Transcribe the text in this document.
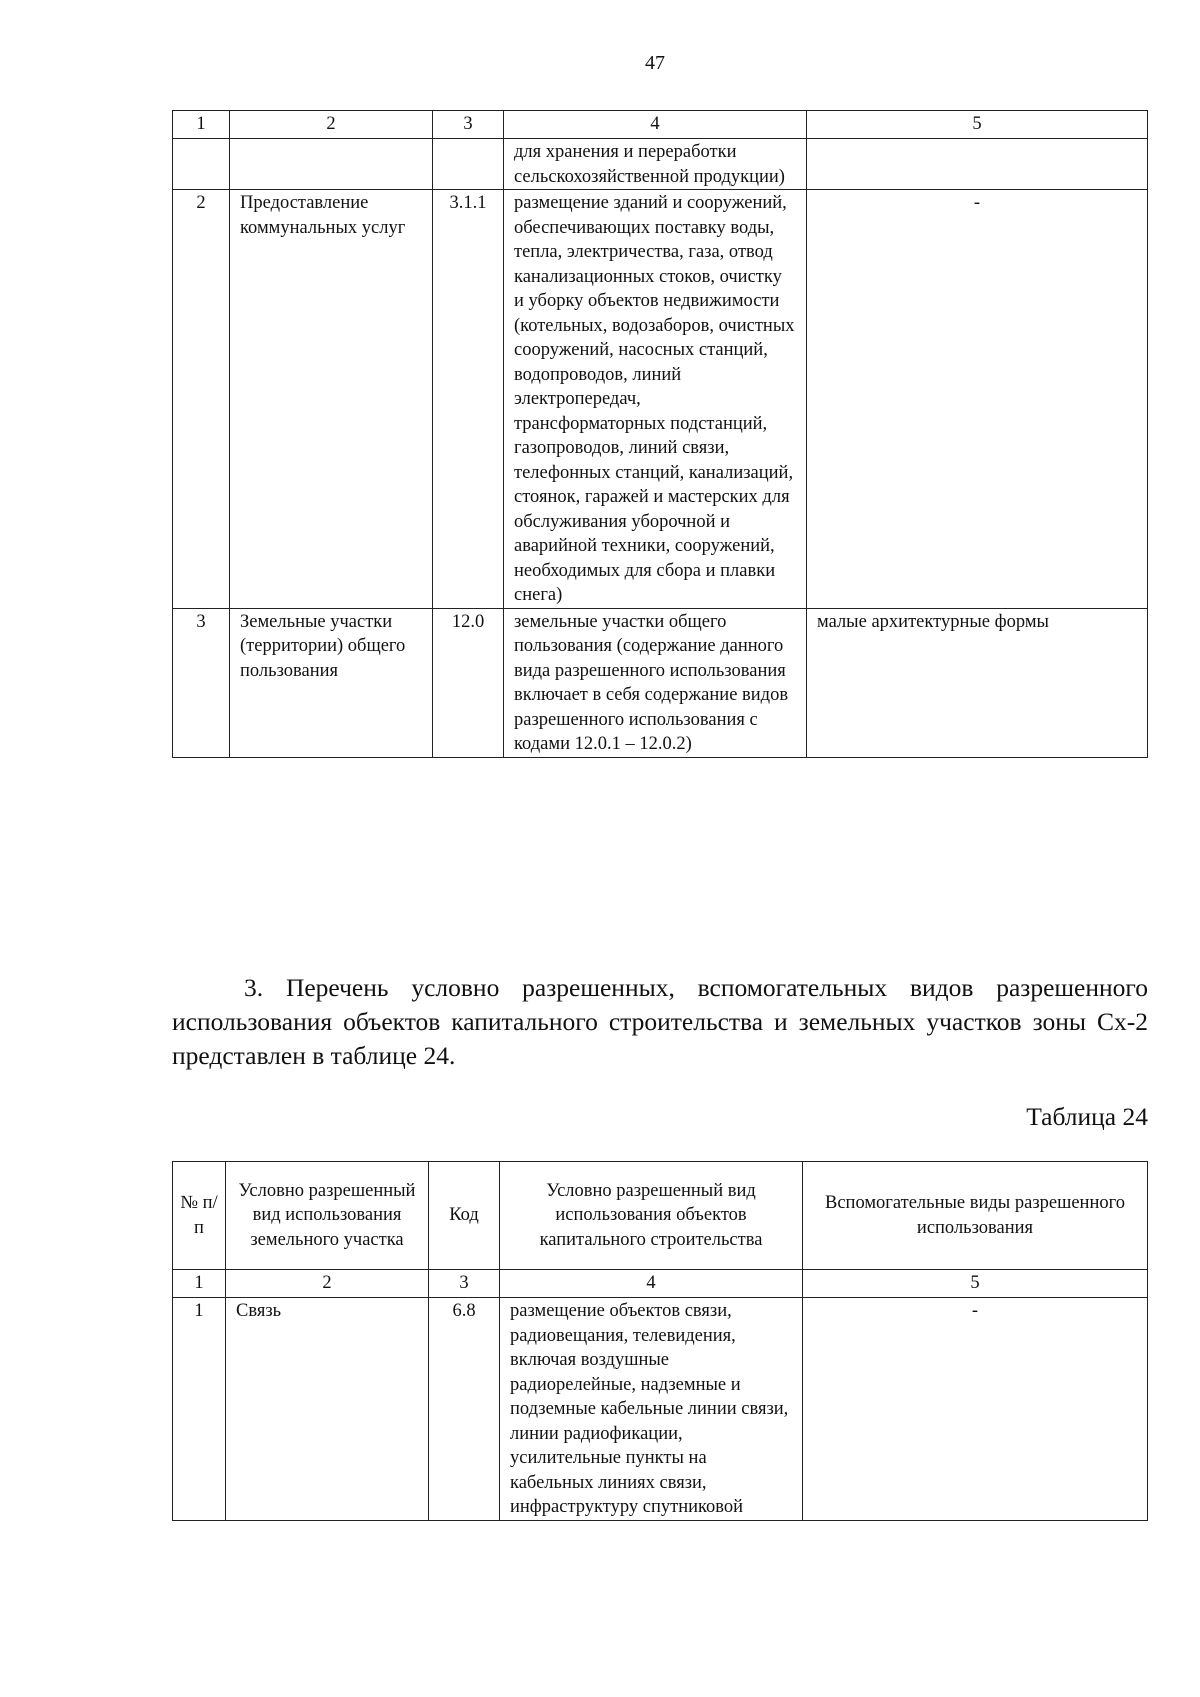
47
1	2	3	4	5
			для хранения и переработки сельскохозяйственной продукции)	
2	Предоставление коммунальных услуг	3.1.1	размещение зданий и сооружений, обеспечивающих поставку воды, тепла, электричества, газа, отвод канализационных стоков, очистку и уборку объектов недвижимости (котельных, водозаборов, очистных сооружений, насосных станций, водопроводов, линий электропередач, трансформаторных подстанций, газопроводов, линий связи, телефонных станций, канализаций, стоянок, гаражей и мастерских для обслуживания уборочной и аварийной техники, сооружений, необходимых для сбора и плавки снега)	-
3	Земельные участки (территории) общего пользования	12.0	земельные участки общего пользования (содержание данного вида разрешенного использования включает в себя содержание видов разрешенного использования с кодами 12.0.1 – 12.0.2)	малые архитектурные формы
3. Перечень условно разрешенных, вспомогательных видов разрешенного использования объектов капитального строительства и земельных участков зоны Сх-2 представлен в таблице 24.
Таблица 24
№ п/п	Условно разрешенный вид использования земельного участка	Код	Условно разрешенный вид использования объектов капитального строительства	Вспомогательные виды разрешенного использования
1	2	3	4	5
1	Связь	6.8	размещение объектов связи, радиовещания, телевидения, включая воздушные радиорелейные, надземные и подземные кабельные линии связи, линии радиофикации, усилительные пункты на кабельных линиях связи, инфраструктуру спутниковой	-
